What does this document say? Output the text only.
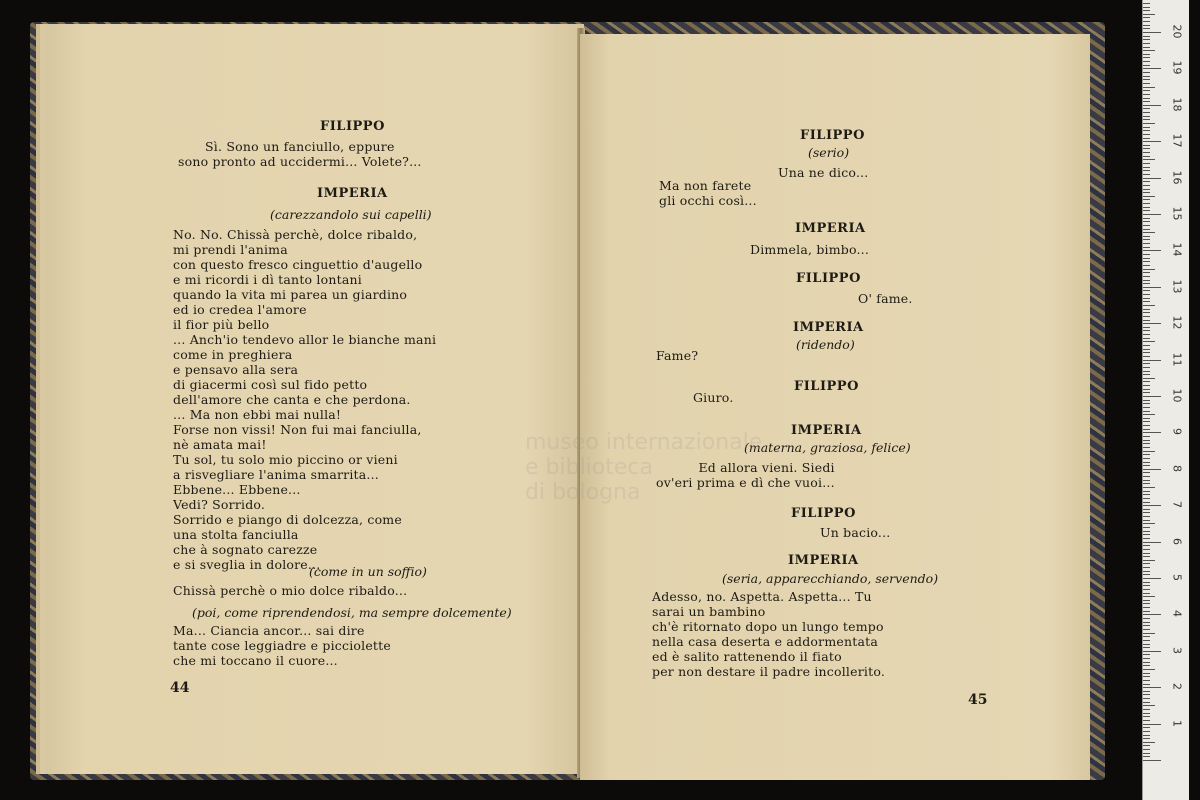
FILIPPO

Sì. Sono un fanciullo, eppure
sono pronto ad uccidermi... Volete?...

IMPERIA

(carezzandolo sui capelli)

No. No. Chissà perchè, dolce ribaldo,
mi prendi l'anima
con questo fresco cinguettio d'augello
e mi ricordi i dì tanto lontani
quando la vita mi parea un giardino
ed io credea l'amore
il fior più bello
... Anch'io tendevo allor le bianche mani
come in preghiera
e pensavo alla sera
di giacermi così sul fido petto
dell'amore che canta e che perdona.
... Ma non ebbi mai nulla!
Forse non vissi! Non fui mai fanciulla,
nè amata mai!
Tu sol, tu solo mio piccino or vieni
a risvegliare l'anima smarrita...
Ebbene... Ebbene...
Vedi? Sorrido.
Sorrido e piango di dolcezza, come
una stolta fanciulla
che à sognato carezze
e si sveglia in dolore...

(come in un soffio)

Chissà perchè o mio dolce ribaldo...

(poi, come riprendendosi, ma sempre dolcemente)

Ma... Ciancia ancor... sai dire
tante cose leggiadre e picciolette
che mi toccano il cuore...

44

FILIPPO

(serio)

Una ne dico...

Ma non farete
gli occhi così...

IMPERIA

Dimmela, bimbo...

FILIPPO

O' fame.

IMPERIA

(ridendo)

Fame?

FILIPPO

Giuro.

IMPERIA

(materna, graziosa, felice)

Ed allora vieni. Siedi
ov'eri prima e dì che vuoi...

FILIPPO

Un bacio...

IMPERIA

(seria, apparecchiando, servendo)

Adesso, no. Aspetta. Aspetta... Tu
sarai un bambino
ch'è ritornato dopo un lungo tempo
nella casa deserta e addormentata
ed è salito rattenendo il fiato
per non destare il padre incollerito.

45

museo internazionale
e biblioteca
di bologna
1
2
3
4
5
6
7
8
9
10
11
12
13
14
15
16
17
18
19
20
